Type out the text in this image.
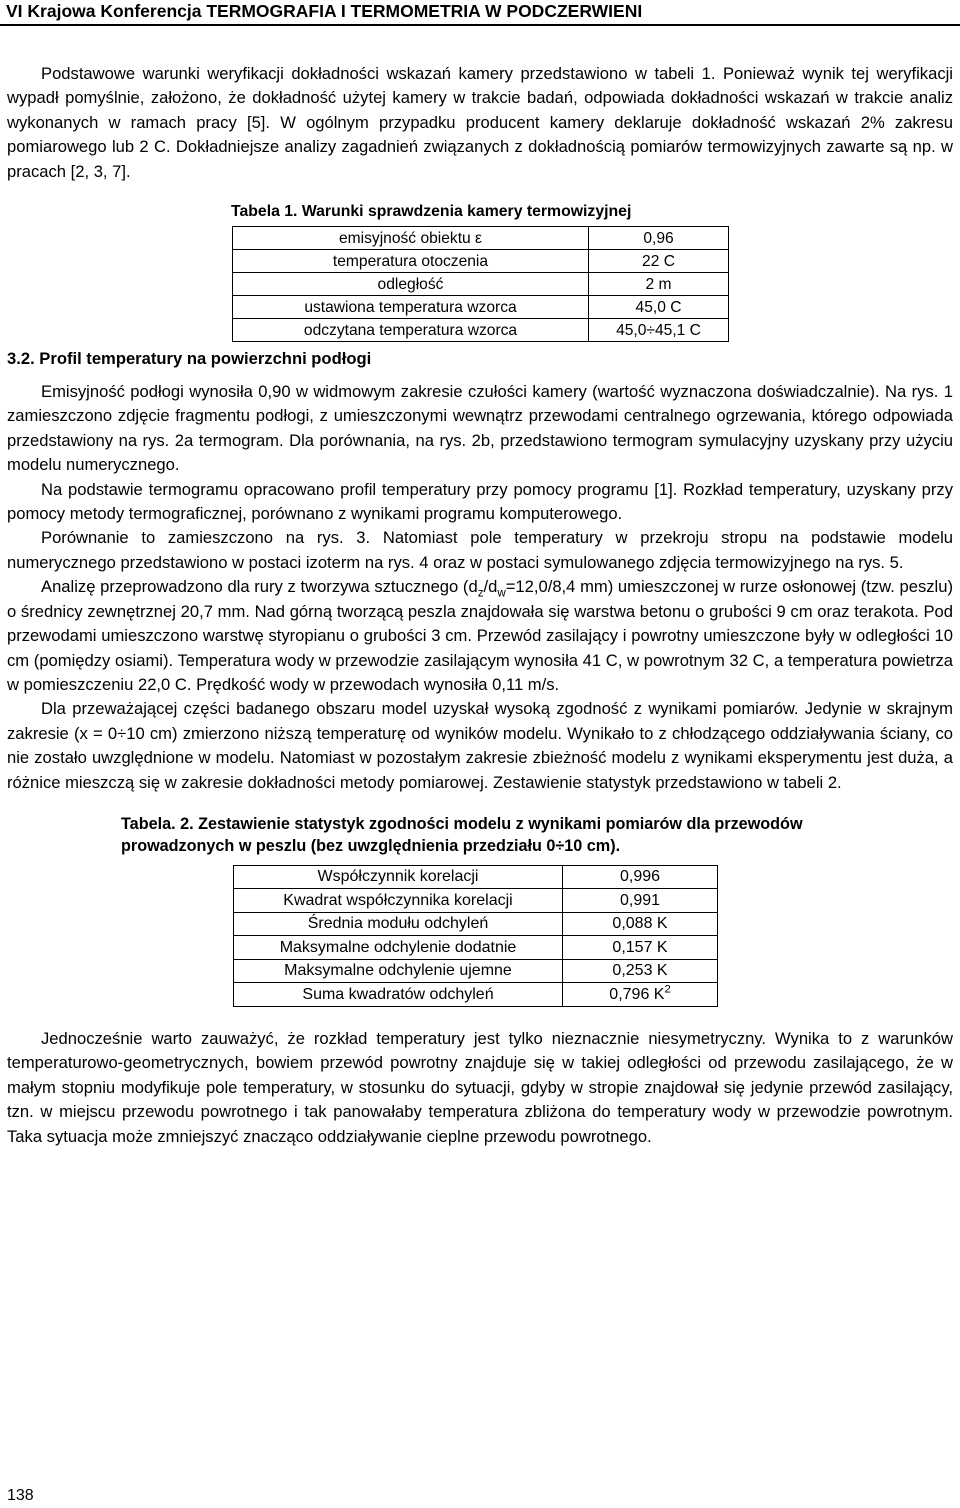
VI Krajowa Konferencja TERMOGRAFIA I TERMOMETRIA W PODCZERWIENI

Podstawowe warunki weryfikacji dokładności wskazań kamery przedstawiono w tabeli 1. Ponieważ wynik tej weryfikacji wypadł pomyślnie, założono, że dokładność użytej kamery w trakcie badań, odpowiada dokładności wskazań w trakcie analiz wykonanych w ramach pracy [5]. W ogólnym przypadku producent kamery deklaruje dokładność wskazań 2% zakresu pomiarowego lub 2 C. Dokładniejsze analizy zagadnień związanych z dokładnością pomiarów termowizyjnych zawarte są np. w pracach [2, 3, 7].

Tabela 1. Warunki sprawdzenia kamery termowizyjnej
emisyjność obiektu ε	0,96
temperatura otoczenia	22 C
odległość	2 m
ustawiona temperatura wzorca	45,0 C
odczytana temperatura wzorca	45,0÷45,1 C
3.2. Profil temperatury na powierzchni podłogi

Emisyjność podłogi wynosiła 0,90 w widmowym zakresie czułości kamery (wartość wyznaczona doświadczalnie). Na rys. 1 zamieszczono zdjęcie fragmentu podłogi, z umieszczonymi wewnątrz przewodami centralnego ogrzewania, którego odpowiada przedstawiony na rys. 2a termogram. Dla porównania, na rys. 2b, przedstawiono termogram symulacyjny uzyskany przy użyciu modelu numerycznego.

Na podstawie termogramu opracowano profil temperatury przy pomocy programu [1]. Rozkład temperatury, uzyskany przy pomocy metody termograficznej, porównano z wynikami programu komputerowego.

Porównanie to zamieszczono na rys. 3. Natomiast pole temperatury w przekroju stropu na podstawie modelu numerycznego przedstawiono w postaci izoterm na rys. 4 oraz w postaci symulowanego zdjęcia termowizyjnego na rys. 5.

Analizę przeprowadzono dla rury z tworzywa sztucznego ($d_z/d_w=12,0/8,4$ mm) umieszczonej w rurze osłonowej (tzw. peszlu) o średnicy zewnętrznej 20,7 mm. Nad górną tworzącą peszla znajdowała się warstwa betonu o grubości 9 cm oraz terakota. Pod przewodami umieszczono warstwę styropianu o grubości 3 cm. Przewód zasilający i powrotny umieszczone były w odległości 10 cm (pomiędzy osiami). Temperatura wody w przewodzie zasilającym wynosiła 41 C, w powrotnym 32 C, a temperatura powietrza w pomieszczeniu 22,0 C. Prędkość wody w przewodach wynosiła 0,11 m/s.

Dla przeważającej części badanego obszaru model uzyskał wysoką zgodność z wynikami pomiarów. Jedynie w skrajnym zakresie (x = 0÷10 cm) zmierzono niższą temperaturę od wyników modelu. Wynikało to z chłodzącego oddziaływania ściany, co nie zostało uwzględnione w modelu. Natomiast w pozostałym zakresie zbieżność modelu z wynikami eksperymentu jest duża, a różnice mieszczą się w zakresie dokładności metody pomiarowej. Zestawienie statystyk przedstawiono w tabeli 2.

Tabela. 2. Zestawienie statystyk zgodności modelu z wynikami pomiarów dla przewodów prowadzonych w peszlu (bez uwzględnienia przedziału 0÷10 cm).
Współczynnik korelacji	0,996
Kwadrat współczynnika korelacji	0,991
Średnia modułu odchyleń	0,088 K
Maksymalne odchylenie dodatnie	0,157 K
Maksymalne odchylenie ujemne	0,253 K
Suma kwadratów odchyleń	0,796 $K^2$

Jednocześnie warto zauważyć, że rozkład temperatury jest tylko nieznacznie niesymetryczny. Wynika to z warunków temperaturowo-geometrycznych, bowiem przewód powrotny znajduje się w takiej odległości od przewodu zasilającego, że w małym stopniu modyfikuje pole temperatury, w stosunku do sytuacji, gdyby w stropie znajdował się jedynie przewód zasilający, tzn. w miejscu przewodu powrotnego i tak panowałaby temperatura zbliżona do temperatury wody w przewodzie powrotnym. Taka sytuacja może zmniejszyć znacząco oddziaływanie cieplne przewodu powrotnego.

138
